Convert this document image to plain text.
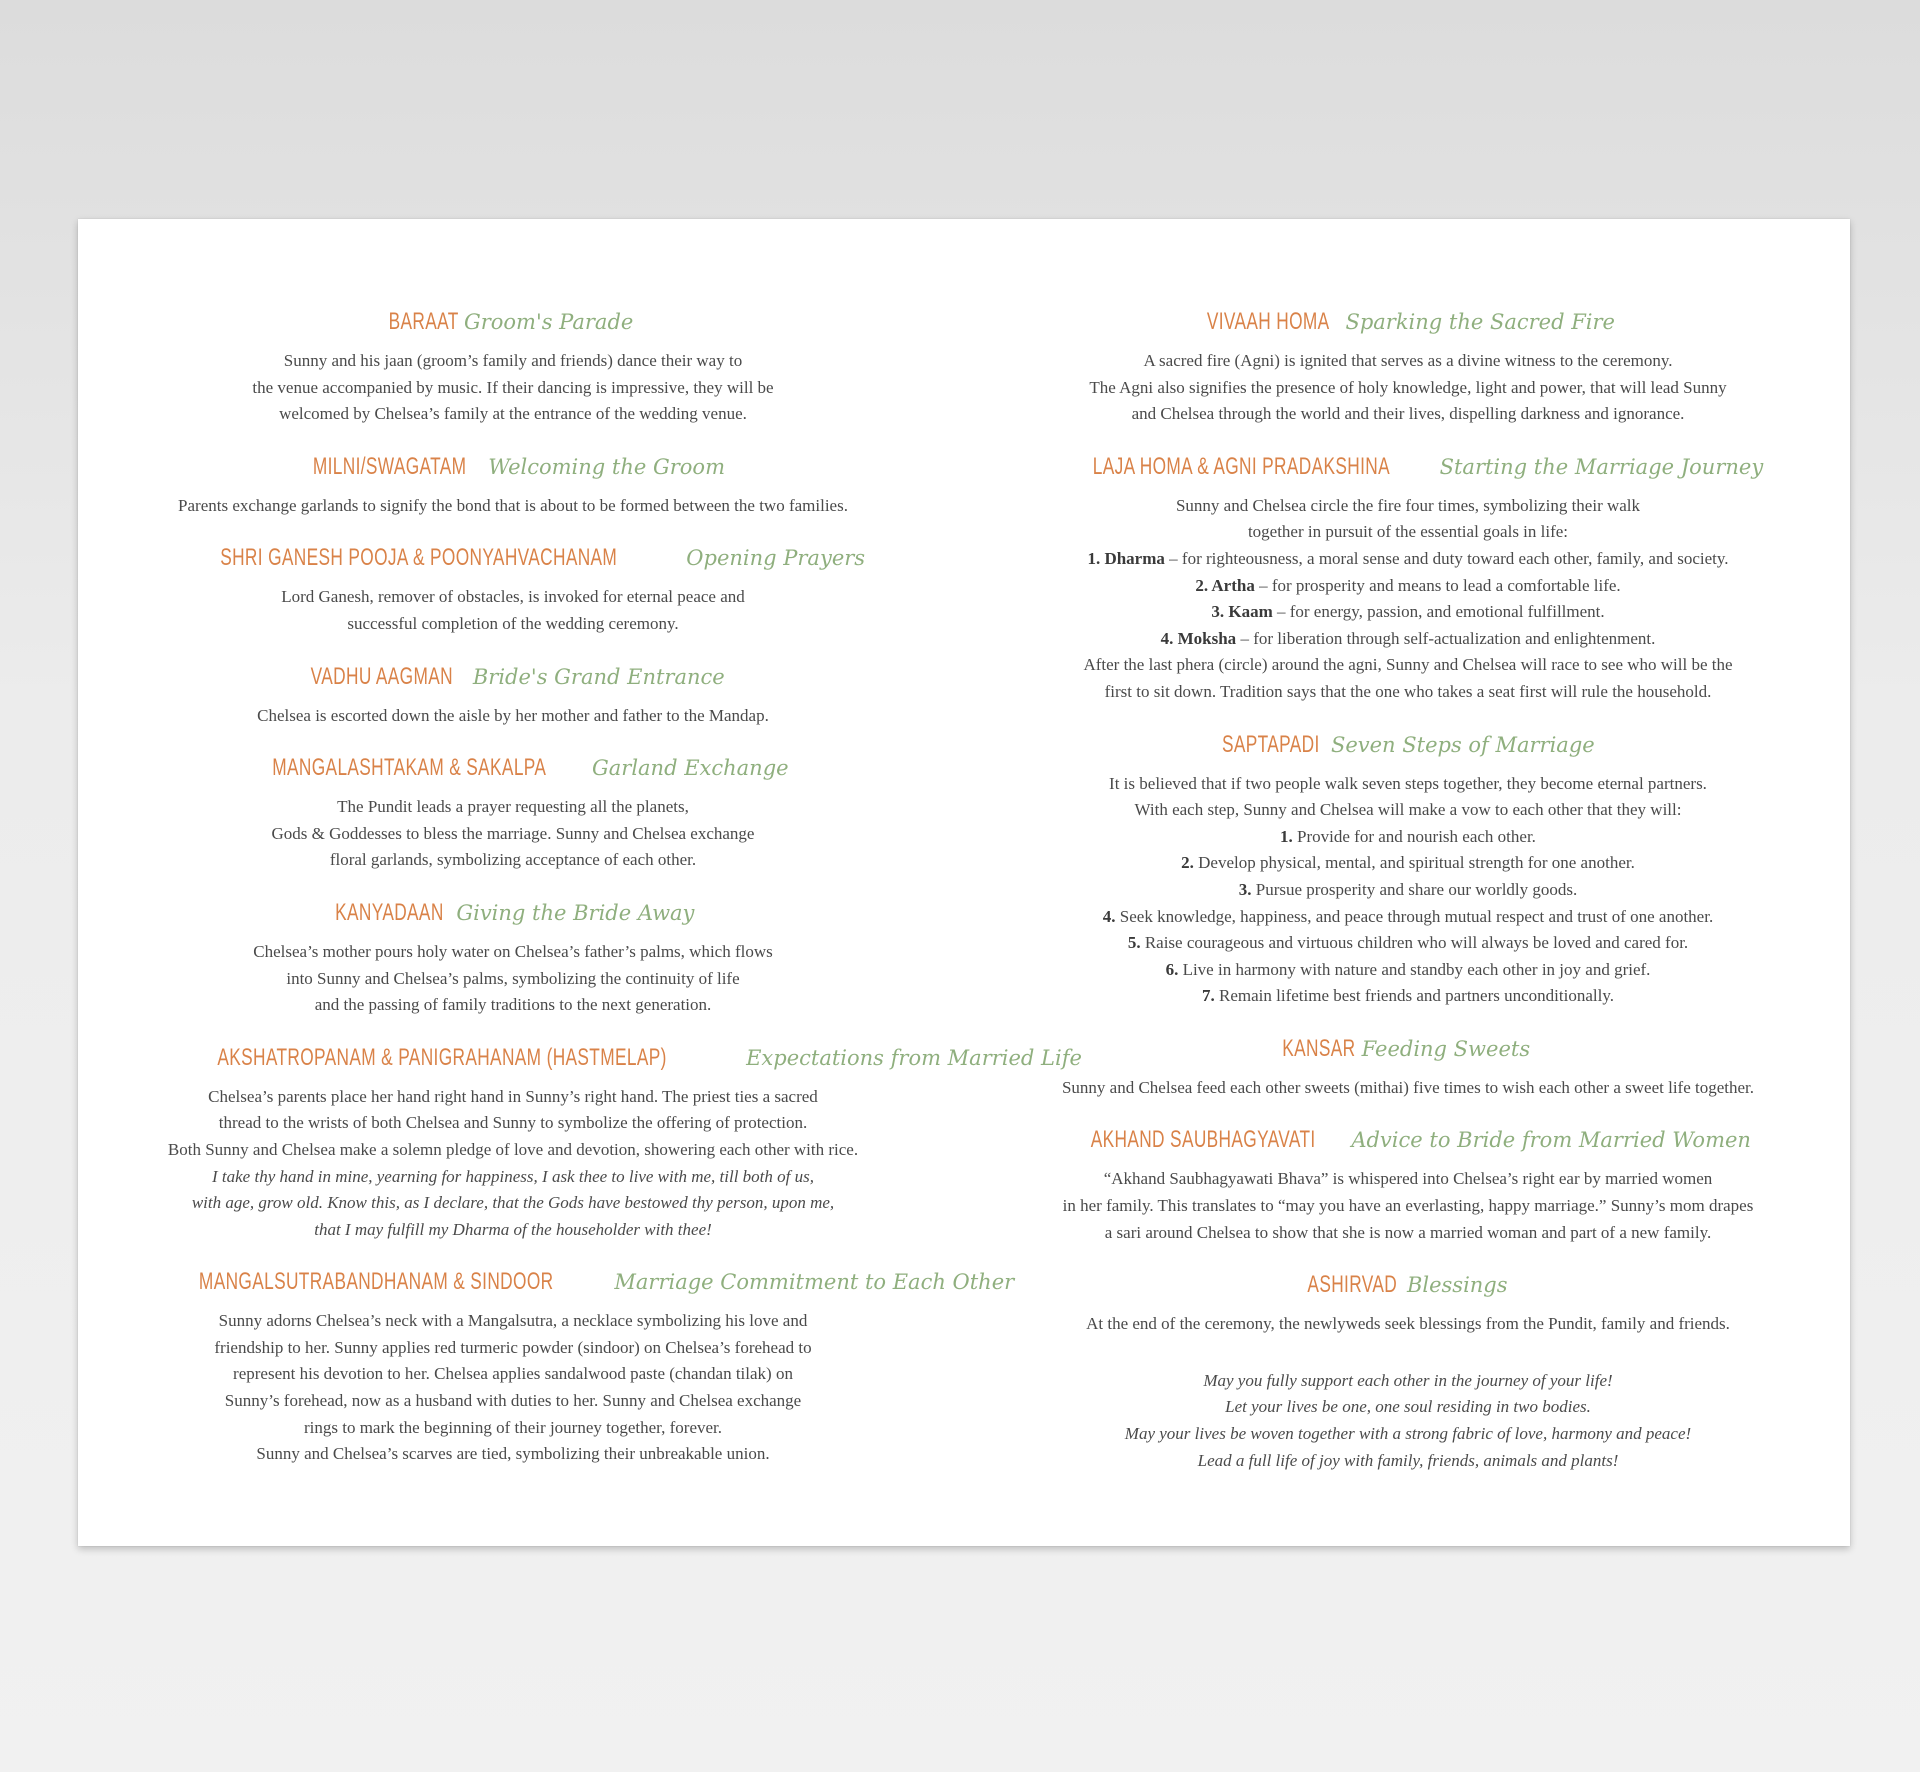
BARAAT Groom's Parade

Sunny and his jaan (groom’s family and friends) dance their way to

the venue accompanied by music. If their dancing is impressive, they will be

welcomed by Chelsea’s family at the entrance of the wedding venue.

MILNI/SWAGATAM Welcoming the Groom

Parents exchange garlands to signify the bond that is about to be formed between the two families.

SHRI GANESH POOJA & POONYAHVACHANAM	Opening Prayers

Lord Ganesh, remover of obstacles, is invoked for eternal peace and

successful completion of the wedding ceremony.

VADHU AAGMAN Bride's Grand Entrance

Chelsea is escorted down the aisle by her mother and father to the Mandap.

MANGALASHTAKAM & SAKALPA Garland Exchange

The Pundit leads a prayer requesting all the planets,

Gods & Goddesses to bless the marriage. Sunny and Chelsea exchange

floral garlands, symbolizing acceptance of each other.

KANYADAAN Giving the Bride Away

Chelsea’s mother pours holy water on Chelsea’s father’s palms, which flows

into Sunny and Chelsea’s palms, symbolizing the continuity of life

and the passing of family traditions to the next generation.

AKSHATROPANAM & PANIGRAHANAM (HASTMELAP)	Expectations from Married Life

Chelsea’s parents place her hand right hand in Sunny’s right hand. The priest ties a sacred

thread to the wrists of both Chelsea and Sunny to symbolize the offering of protection.

Both Sunny and Chelsea make a solemn pledge of love and devotion, showering each other with rice.

I take thy hand in mine, yearning for happiness, I ask thee to live with me, till both of us,

with age, grow old. Know this, as I declare, that the Gods have bestowed thy person, upon me,

that I may fulfill my Dharma of the householder with thee!

MANGALSUTRABANDHANAM & SINDOOR	Marriage Commitment to Each Other

Sunny adorns Chelsea’s neck with a Mangalsutra, a necklace symbolizing his love and

friendship to her. Sunny applies red turmeric powder (sindoor) on Chelsea’s forehead to

represent his devotion to her. Chelsea applies sandalwood paste (chandan tilak) on

Sunny’s forehead, now as a husband with duties to her. Sunny and Chelsea exchange

rings to mark the beginning of their journey together, forever.

Sunny and Chelsea’s scarves are tied, symbolizing their unbreakable union.

VIVAAH HOMA Sparking the Sacred Fire

A sacred fire (Agni) is ignited that serves as a divine witness to the ceremony.

The Agni also signifies the presence of holy knowledge, light and power, that will lead Sunny

and Chelsea through the world and their lives, dispelling darkness and ignorance.

LAJA HOMA & AGNI PRADAKSHINA Starting the Marriage Journey

Sunny and Chelsea circle the fire four times, symbolizing their walk

together in pursuit of the essential goals in life:

1. Dharma – for righteousness, a moral sense and duty toward each other, family, and society.

2. Artha – for prosperity and means to lead a comfortable life.

3. Kaam – for energy, passion, and emotional fulfillment.

4. Moksha – for liberation through self-actualization and enlightenment.

After the last phera (circle) around the agni, Sunny and Chelsea will race to see who will be the

first to sit down. Tradition says that the one who takes a seat first will rule the household.

SAPTAPADI Seven Steps of Marriage

It is believed that if two people walk seven steps together, they become eternal partners.

With each step, Sunny and Chelsea will make a vow to each other that they will:

1. Provide for and nourish each other.

2. Develop physical, mental, and spiritual strength for one another.

3. Pursue prosperity and share our worldly goods.

4. Seek knowledge, happiness, and peace through mutual respect and trust of one another.

5. Raise courageous and virtuous children who will always be loved and cared for.

6. Live in harmony with nature and standby each other in joy and grief.

7. Remain lifetime best friends and partners unconditionally.

KANSAR Feeding Sweets

Sunny and Chelsea feed each other sweets (mithai) five times to wish each other a sweet life together.

AKHAND SAUBHAGYAVATI Advice to Bride from Married Women

“Akhand Saubhagyawati Bhava” is whispered into Chelsea’s right ear by married women

in her family. This translates to “may you have an everlasting, happy marriage.” Sunny’s mom drapes

a sari around Chelsea to show that she is now a married woman and part of a new family.

ASHIRVAD Blessings

At the end of the ceremony, the newlyweds seek blessings from the Pundit, family and friends.

May you fully support each other in the journey of your life!

Let your lives be one, one soul residing in two bodies.

May your lives be woven together with a strong fabric of love, harmony and peace!

Lead a full life of joy with family, friends, animals and plants!
